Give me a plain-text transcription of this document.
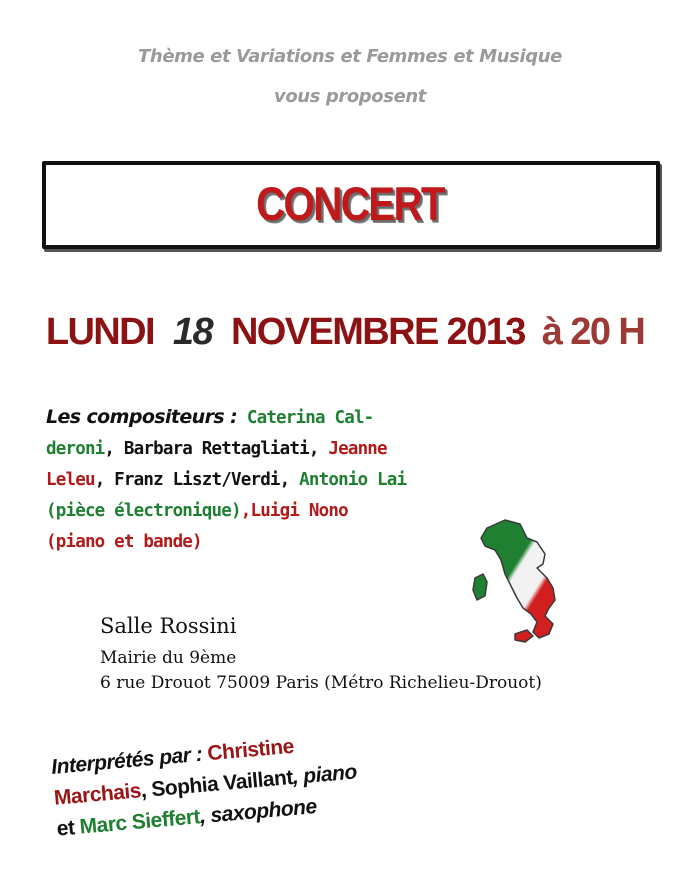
Thème et Variations et Femmes et Musique
vous proposent
CONCERT
LUNDI 18 NOVEMBRE 2013 à 20 H
Les compositeurs : Caterina Cal-
deroni, Barbara Rettagliati, Jeanne
Leleu, Franz Liszt/Verdi, Antonio Lai
(pièce électronique),Luigi Nono
(piano et bande)
Salle Rossini
Mairie du 9ème
6 rue Drouot 75009 Paris (Métro Richelieu-Drouot)
Interprétés par : Christine
Marchais, Sophia Vaillant, piano
et Marc Sieffert, saxophone
